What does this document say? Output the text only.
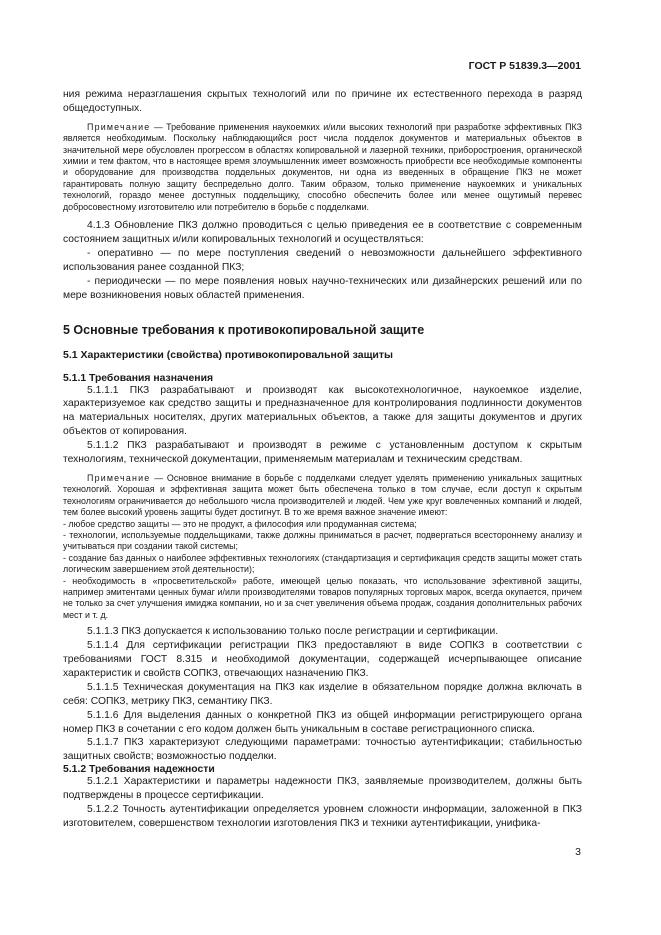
ГОСТ Р 51839.3—2001

ния режима неразглашения скрытых технологий или по причине их естественного перехода в разряд общедоступных.

Примечание — Требование применения наукоемких и/или высоких технологий при разработке эффективных ПКЗ является необходимым. Поскольку наблюдающийся рост числа подделок документов и материальных объектов в значительной мере обусловлен прогрессом в областях копировальной и лазерной техники, приборостроения, органической химии и тем фактом, что в настоящее время злоумышленник имеет возможность приобрести все необходимые компоненты и оборудование для производства поддельных документов, ни одна из введенных в обращение ПКЗ не может гарантировать полную защиту беспредельно долго. Таким образом, только применение наукоемких и уникальных технологий, гораздо менее доступных поддельщику, способно обеспечить более или менее ощутимый перевес добросовестному изготовителю или потребителю в борьбе с подделками.

4.1.3 Обновление ПКЗ должно проводиться с целью приведения ее в соответствие с современным состоянием защитных и/или копировальных технологий и осуществляться:

- оперативно — по мере поступления сведений о невозможности дальнейшего эффективного использования ранее созданной ПКЗ;

- периодически — по мере появления новых научно-технических или дизайнерских решений или по мере возникновения новых областей применения.

5 Основные требования к противокопировальной защите
5.1 Характеристики (свойства) противокопировальной защиты
5.1.1 Требования назначения

5.1.1.1 ПКЗ разрабатывают и производят как высокотехнологичное, наукоемкое изделие, характеризуемое как средство защиты и предназначенное для контролирования подлинности документов на материальных носителях, других материальных объектов, а также для защиты документов и других объектов от копирования.

5.1.1.2 ПКЗ разрабатывают и производят в режиме с установленным доступом к скрытым технологиям, технической документации, применяемым материалам и техническим средствам.

Примечание — Основное внимание в борьбе с подделками следует уделять применению уникальных защитных технологий. Хорошая и эффективная защита может быть обеспечена только в том случае, если доступ к скрытым технологиям ограничивается до небольшого числа производителей и людей. Чем уже круг вовлеченных компаний и людей, тем более высокий уровень защиты будет достигнут. В то же время важное значение имеют:

- любое средство защиты — это не продукт, а философия или продуманная система;

- технологии, используемые поддельщиками, также должны приниматься в расчет, подвергаться всестороннему анализу и учитываться при создании такой системы;

- создание баз данных о наиболее эффективных технологиях (стандартизация и сертификация средств защиты может стать логическим завершением этой деятельности);

- необходимость в «просветительской» работе, имеющей целью показать, что использование эфективной защиты, например эмитентами ценных бумаг и/или производителями товаров популярных торговых марок, всегда окупается, причем не только за счет улучшения имиджа компании, но и за счет увеличения объема продаж, создания дополнительных рабочих мест и т. д.

5.1.1.3 ПКЗ допускается к использованию только после регистрации и сертификации.

5.1.1.4 Для сертификации регистрации ПКЗ предоставляют в виде СОПКЗ в соответствии с требованиями ГОСТ 8.315 и необходимой документации, содержащей исчерпывающее описание характеристик и свойств СОПКЗ, отвечающих назначению ПКЗ.

5.1.1.5 Техническая документация на ПКЗ как изделие в обязательном порядке должна включать в себя: СОПКЗ, метрику ПКЗ, семантику ПКЗ.

5.1.1.6 Для выделения данных о конкретной ПКЗ из общей информации регистрирующего органа номер ПКЗ в сочетании с его кодом должен быть уникальным в составе регистрационного списка.

5.1.1.7 ПКЗ характеризуют следующими параметрами: точностью аутентификации; стабильностью защитных свойств; возможностью подделки.

5.1.2 Требования надежности

5.1.2.1 Характеристики и параметры надежности ПКЗ, заявляемые производителем, должны быть подтверждены в процессе сертификации.

5.1.2.2 Точность аутентификации определяется уровнем сложности информации, заложенной в ПКЗ изготовителем, совершенством технологии изготовления ПКЗ и техники аутентификации, унифика-

3
